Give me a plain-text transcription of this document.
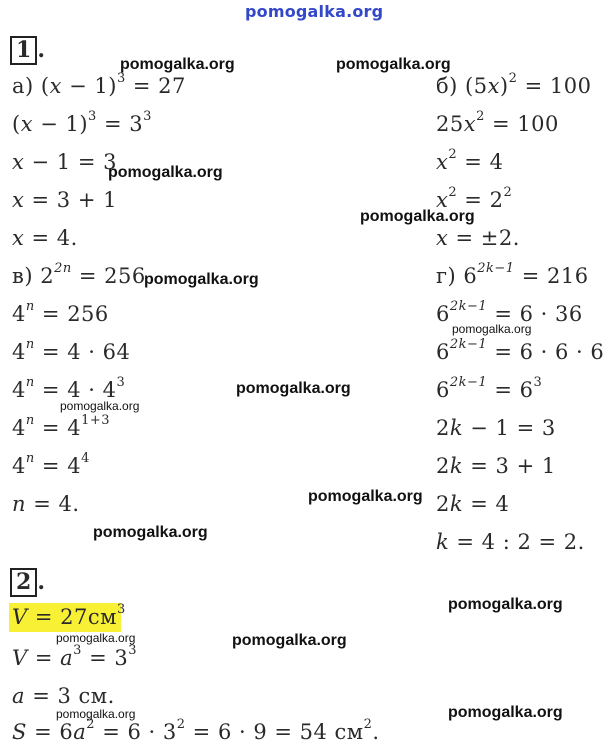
pomogalka.org
1 .
а) $(x - 1)^3 = 27$
$(x - 1)^3 = 3^3$
x − 1 = 3
x = 3 + 1
x = 4.
б) $(5x)^2 = 100$
$25x^2 = 100$
$x^2 = 4$
$x^2 = 2^2$
x = ±2.
в) $2^{2n} = 256$
$4^n = 256$
$4^n = 4 \cdot 64$
$4^n = 4 \cdot 4^3$
$4^n = 4^{1+3}$
$4^n = 4^4$
n = 4.
г) $6^{2k-1} = 216$
$6^{2k-1} = 6 \cdot 36$
$6^{2k-1} = 6 \cdot 6 \cdot 6$
$6^{2k-1} = 6^3$
2k − 1 = 3
2k = 3 + 1
2k = 4
k = 4 : 2 = 2.
2 .
$V = 27см^3$
$V = a^3 = 3^3$
a = 3 см.
$S = 6a^2 = 6 \cdot 3^2 = 6 \cdot 9 = 54$ $см^2$.
pomogalka.org	pomogalka.org
pomogalka.org
pomogalka.org
pomogalka.org
pomogalka.org
pomogalka.org
pomogalka.org
pomogalka.org
pomogalka.org
pomogalka.org
pomogalka.org	pomogalka.org
pomogalka.org	pomogalka.org
